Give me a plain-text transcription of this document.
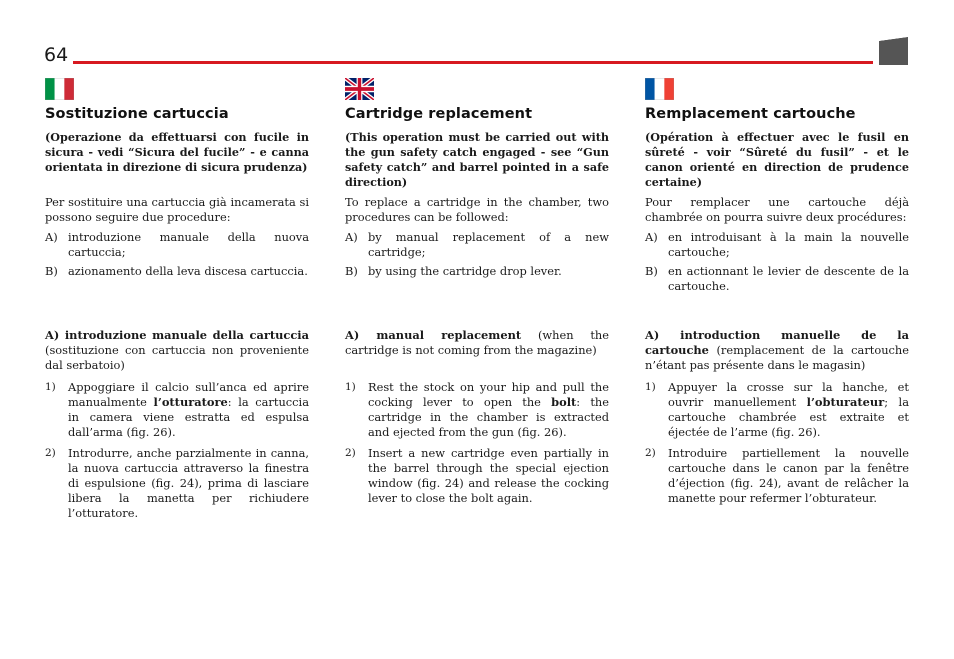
64
Sostituzione cartuccia

(Operazione da effettuarsi con fucile in sicura - vedi “Sicura del fucile” - e canna orientata in direzione di sicura prudenza)

Per sostituire una cartuccia già incamerata si possono seguire due procedure:

A) introduzione manuale della nuova cartuccia;
B) azionamento della leva discesa cartuccia.

A) introduzione manuale della cartuccia (sostituzione con cartuccia non proveniente dal serbatoio)

1) Appoggiare il calcio sull’anca ed aprire manualmente l’otturatore: la cartuccia in camera viene estratta ed espulsa dall’arma (fig. 26).
2) Introdurre, anche parzialmente in canna, la nuova cartuccia attraverso la finestra di espulsione (fig. 24), prima di lasciare libera la manetta per richiudere l’otturatore.
Cartridge replacement

(This operation must be carried out with the gun safety catch engaged - see “Gun safety catch” and barrel pointed in a safe direction)

To replace a cartridge in the chamber, two procedures can be followed:

A) by manual replacement of a new cartridge;
B) by using the cartridge drop lever.

A) manual replacement (when the cartridge is not coming from the magazine)

1) Rest the stock on your hip and pull the cocking lever to open the bolt: the cartridge in the chamber is extracted and ejected from the gun (fig. 26).
2) Insert a new cartridge even partially in the barrel through the special ejection window (fig. 24) and release the cocking lever to close the bolt again.
Remplacement cartouche

(Opération à effectuer avec le fusil en sûreté - voir “Sûreté du fusil” - et le canon orienté en direction de prudence certaine)

Pour remplacer une cartouche déjà chambrée on pourra suivre deux procédures:

A) en introduisant à la main la nouvelle cartouche;
B) en actionnant le levier de descente de la cartouche.

A) introduction manuelle de la cartouche (remplacement de la cartouche n’étant pas présente dans le magasin)

1) Appuyer la crosse sur la hanche, et ouvrir manuellement l’obturateur; la cartouche chambrée est extraite et éjectée de l’arme (fig. 26).
2) Introduire partiellement la nouvelle cartouche dans le canon par la fenêtre d’éjection (fig. 24), avant de relâcher la manette pour refermer l’obturateur.
